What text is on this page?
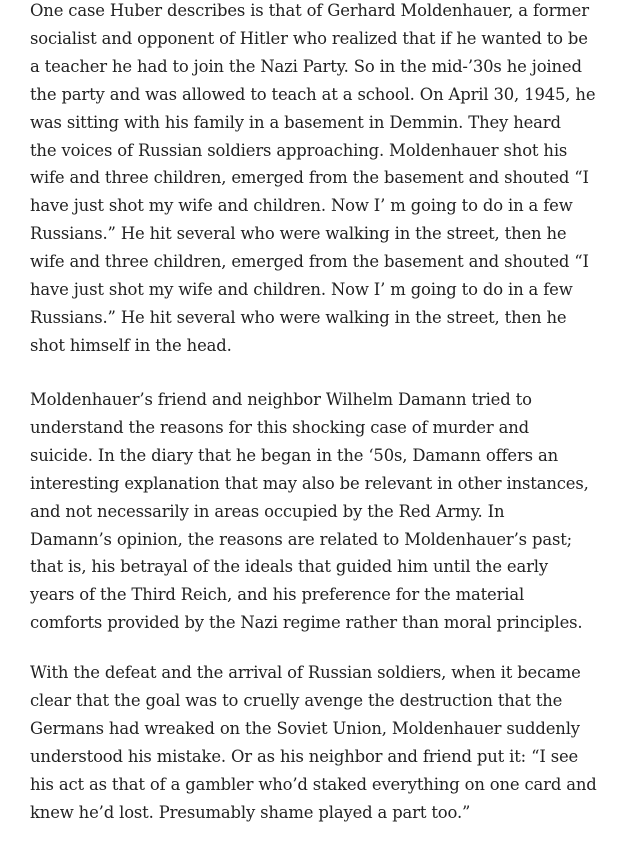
One case Huber describes is that of Gerhard Moldenhauer, a former
socialist and opponent of Hitler who realized that if he wanted to be
a teacher he had to join the Nazi Party. So in the mid-’30s he joined
the party and was allowed to teach at a school. On April 30, 1945, he
was sitting with his family in a basement in Demmin. They heard
the voices of Russian soldiers approaching. Moldenhauer shot his
wife and three children, emerged from the basement and shouted “I
have just shot my wife and children. Now I’ m going to do in a few
Russians.” He hit several who were walking in the street, then he
wife and three children, emerged from the basement and shouted “I
have just shot my wife and children. Now I’ m going to do in a few
Russians.” He hit several who were walking in the street, then he
shot himself in the head.

Moldenhauer’s friend and neighbor Wilhelm Damann tried to
understand the reasons for this shocking case of murder and
suicide. In the diary that he began in the ‘50s, Damann offers an
interesting explanation that may also be relevant in other instances,
and not necessarily in areas occupied by the Red Army. In
Damann’s opinion, the reasons are related to Moldenhauer’s past;
that is, his betrayal of the ideals that guided him until the early
years of the Third Reich, and his preference for the material
comforts provided by the Nazi regime rather than moral principles.

With the defeat and the arrival of Russian soldiers, when it became
clear that the goal was to cruelly avenge the destruction that the
Germans had wreaked on the Soviet Union, Moldenhauer suddenly
understood his mistake. Or as his neighbor and friend put it: “I see
his act as that of a gambler who’d staked everything on one card and
knew he’d lost. Presumably shame played a part too.”
